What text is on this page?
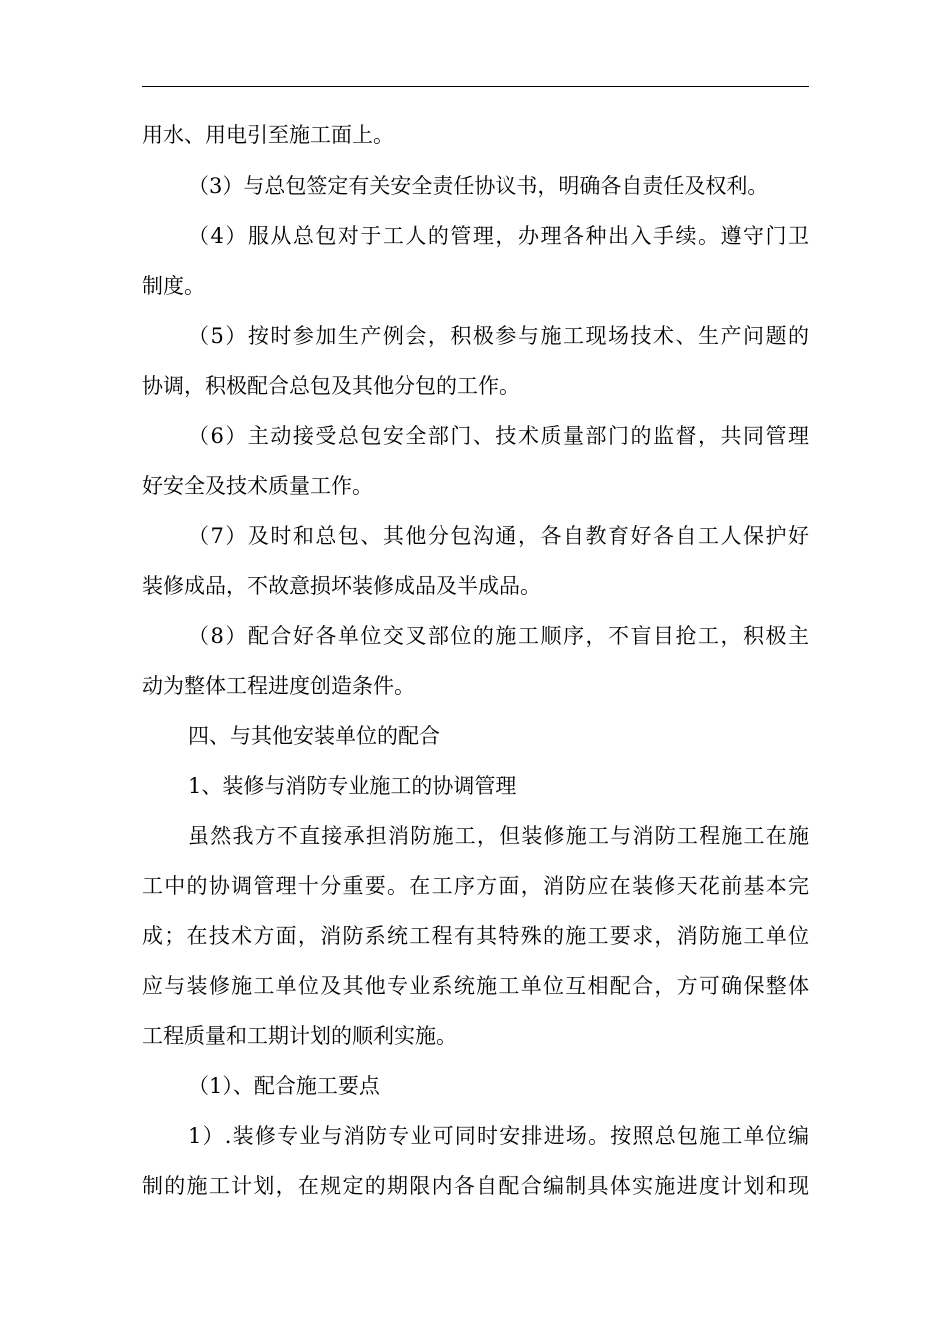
用水、用电引至施工面上。
（3）与总包签定有关安全责任协议书，明确各自责任及权利。
（4）服从总包对于工人的管理，办理各种出入手续。遵守门卫
制度。
（5）按时参加生产例会，积极参与施工现场技术、生产问题的
协调，积极配合总包及其他分包的工作。
（6）主动接受总包安全部门、技术质量部门的监督，共同管理
好安全及技术质量工作。
（7）及时和总包、其他分包沟通，各自教育好各自工人保护好
装修成品，不故意损坏装修成品及半成品。
（8）配合好各单位交叉部位的施工顺序，不盲目抢工，积极主
动为整体工程进度创造条件。
四、与其他安装单位的配合
1、装修与消防专业施工的协调管理
虽然我方不直接承担消防施工，但装修施工与消防工程施工在施
工中的协调管理十分重要。在工序方面，消防应在装修天花前基本完
成；在技术方面，消防系统工程有其特殊的施工要求，消防施工单位
应与装修施工单位及其他专业系统施工单位互相配合，方可确保整体
工程质量和工期计划的顺利实施。
（1）、配合施工要点
1）.装修专业与消防专业可同时安排进场。按照总包施工单位编
制的施工计划，在规定的期限内各自配合编制具体实施进度计划和现
